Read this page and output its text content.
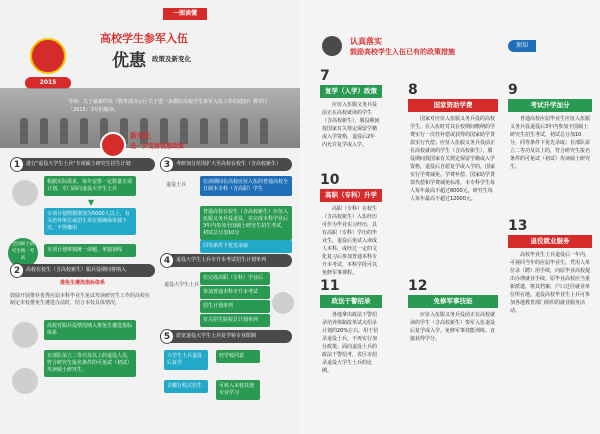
一图读懂
2015
高校学生参军入伍
优惠 政策及新变化
导读：关于最新印发《教育部办公厅关于进一步做好高校学生参军入伍工作的通知》教学厅〔2015〕3号的解读。
新变化
进一步完善优惠政策
1	进行"退役大学生士兵"专项硕士研究生招生计划
根据实际需求，每年安排一定数量专项计划，专门面向退役大学生士兵
▼
专项计划规模增加为5000人以上，有关培养单位或招生单位要确保单独下达，不得挪用
全国硕士研究生统一考试
专项计划单独统一命题、单独划线
2	高校在校生（含高校新生）服兵役期间将纳入
推免生遴选指标体系
鼓励开展推荐优秀应届本科毕业生免试攻读研究生工作的高校在制定本校推免生遴选办法时，结合本校具体情况。
高校对服兵役情况纳入推免生遴选指标体系
在部队荣立二等功及以上的退役人员，符合研究生报名条件的可免试（初试）攻读硕士研究生。
3	考研加分范围扩大至高校在校生（含高校新生）
退役士兵	在读期间在高校应征入伍的普通高校全日制本专科（含高职）学生
普通高校在校生（含高校新生）应征入伍服义务兵役退役，在完成本科学业后3年内参加全国硕士研究生招生考试，初试总分加10分
同等条件下优先录取
4	退役大学生士兵专升本考试招生计划单列
退役大学生士兵
在完成高职（专科）学业后
参加普通本科专升本考试
招生计划单列
有关招生院校总计划单列
5	放宽退役大学生士兵复学转专业限制
大学生士兵退役后复学
经学校同意
去哪行程式招生	可转入本校其他专业学习
认真落实
鼓励高校学生入伍已有的政策措施
须知
7
复学（入学）政策
应征入伍服义务兵役前正在高校就读的学生（含高校新生），服役期间按国家有关规定保留学籍或入学资格，退役后2年内允许复学或入学。
8
国家资助学费
国家对应征入伍服义务兵役的高校学生，在入伍时对其在校期间缴纳的学费实行一次性补偿或获得的国家助学贷款实行代偿；应征入伍服义务兵役前正在高校就读的学生（含高校新生），服役期间按国家有关规定保留学籍或入学资格，退役后自愿复学或入学的，国家实行学费减免。学费补偿、国家助学贷款代偿和学费减免标准，本专科学生每人每年最高不超过8000元，研究生每人每年最高不超过12000元。
9
考试升学加分
普通高校应届毕业生应征入伍服义务兵役退役后3年内参加全国硕士研究生招生考试，初试总分加10分，同等条件下优先录取；在部队荣立二等功及以上的，符合研究生报名条件的可免试（初试）攻读硕士研究生。
10
高职（专科）升学
高职（专科）在校生（含高校新生）入伍经历可作为毕业实习经历，具有高职（专科）学历的毕业生，退役后免试入读成人本科，或经过一定的文化复习后参加普通本科专升本考试，本科学段可以免修军事课程。
13
退役就业服务
高校毕业生士兵退役后一年内，可视同当年的应届毕业生，凭用人单位录（聘）用手续，向原毕业高校提出办理就业手续，原毕业高校应当重新派遣，将其档案、户口迁往就业单位所在地。退役高校毕业生士兵可参加各地教育部门组织的就业服务活动。
11
政法干警招录
各地拿出政法干警招录培养体制改革试点招录计划的20%左右，用于招录退役士兵，不再实行加分政策。面向退役士兵的政法干警招考，省区市招录退役大学生士兵的比例。
12
免修军事技能
应征入伍服义务兵役前正在高校就读的学生（含高校新生）参军入伍退役后复学或入学，免修军事技能训练、直接获得学分。
